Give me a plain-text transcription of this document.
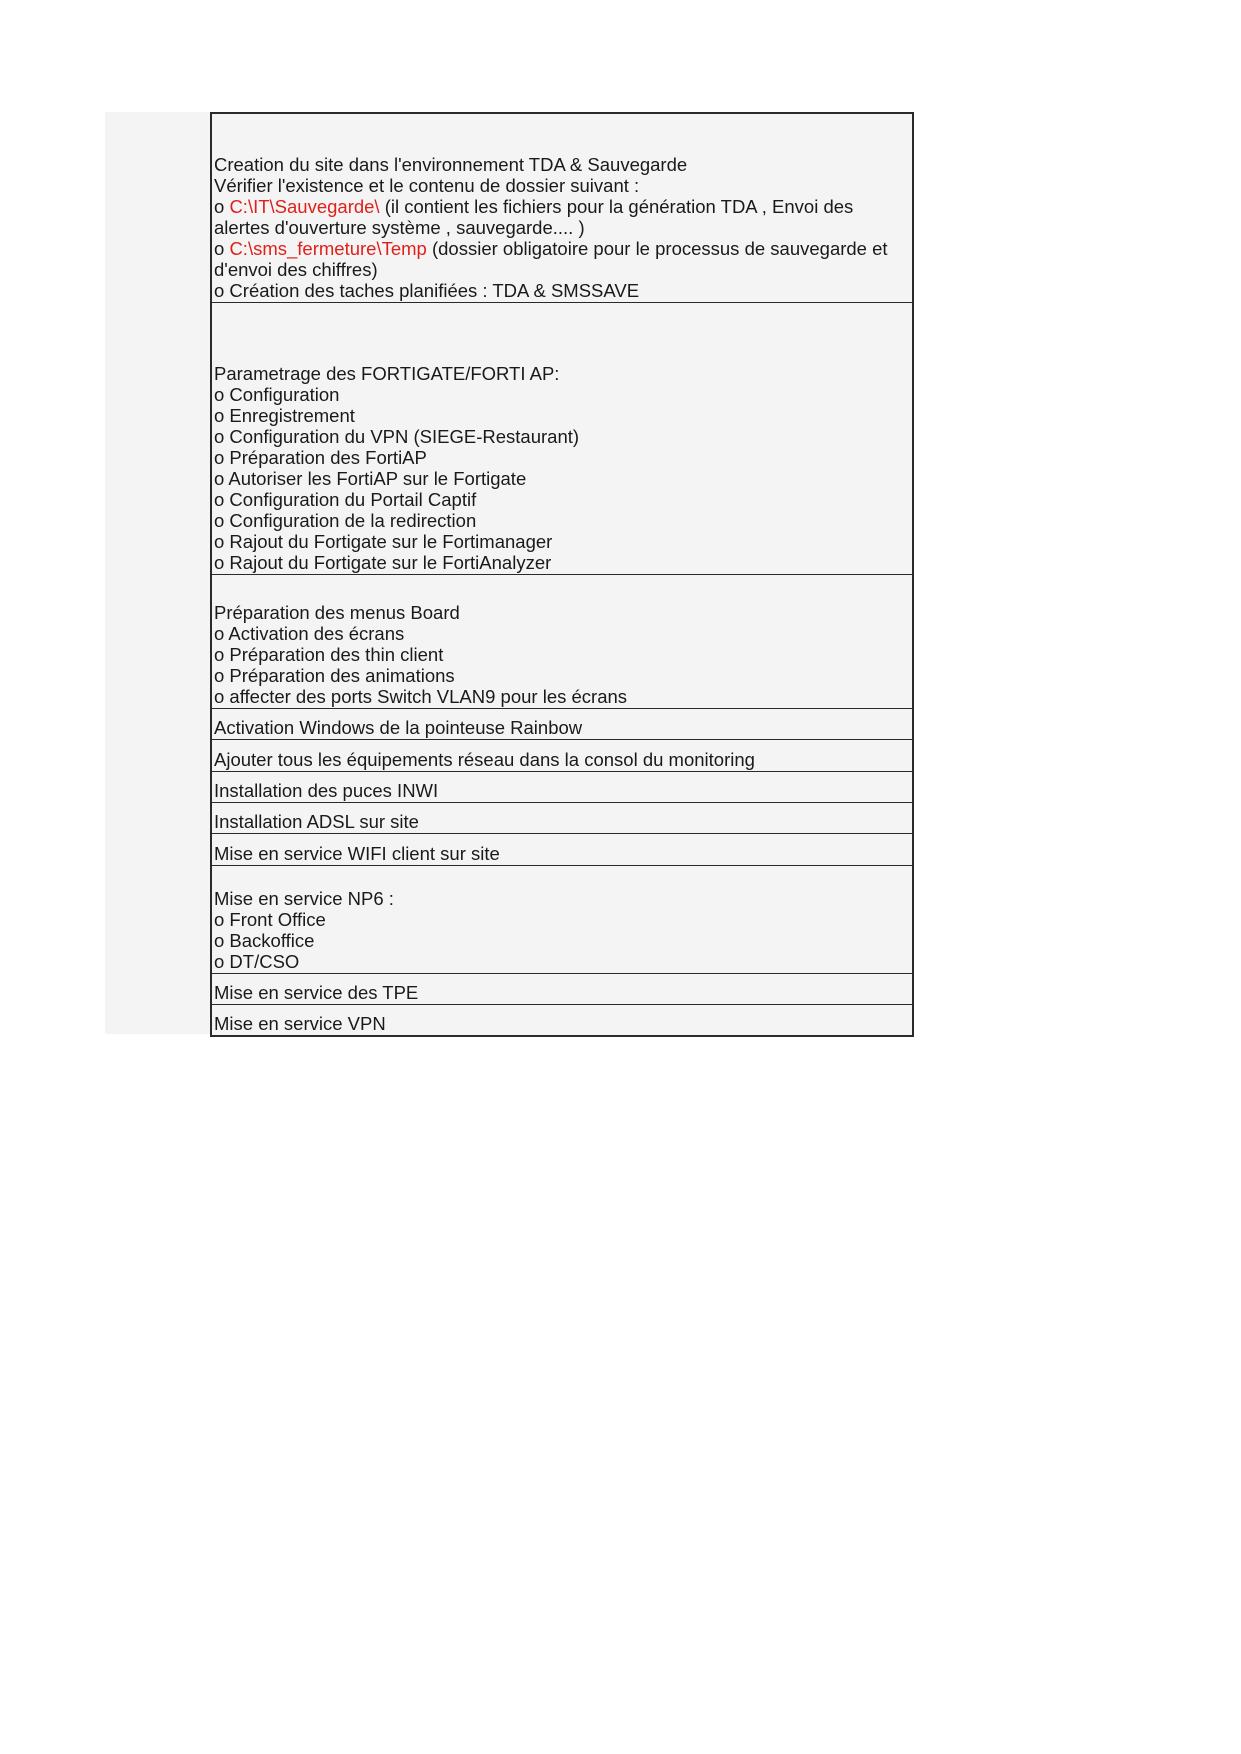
Creation du site dans l'environnement TDA & Sauvegarde
Vérifier l'existence et le contenu de dossier suivant :
o C:\IT\Sauvegarde\ (il contient les fichiers pour la génération TDA , Envoi des alertes d'ouverture système , sauvegarde.... )
o C:\sms_fermeture\Temp (dossier obligatoire pour le processus de sauvegarde et d'envoi des chiffres)
o Création des taches planifiées : TDA & SMSSAVE
Parametrage des FORTIGATE/FORTI AP:
o Configuration
o Enregistrement
o Configuration du VPN (SIEGE-Restaurant)
o Préparation des FortiAP
o Autoriser les FortiAP sur le Fortigate
o Configuration du Portail Captif
o Configuration de la redirection
o Rajout du Fortigate sur le Fortimanager
o Rajout du Fortigate sur le FortiAnalyzer
Préparation des menus Board
o Activation des écrans
o Préparation des thin client
o Préparation des animations
o affecter des ports Switch VLAN9 pour les écrans
Activation Windows de la pointeuse Rainbow
Ajouter tous les équipements réseau dans la consol du monitoring
Installation des puces INWI
Installation ADSL sur site
Mise en service WIFI client sur site
Mise en service NP6 :
o Front Office
o Backoffice
o DT/CSO
Mise en service des TPE
Mise en service VPN
